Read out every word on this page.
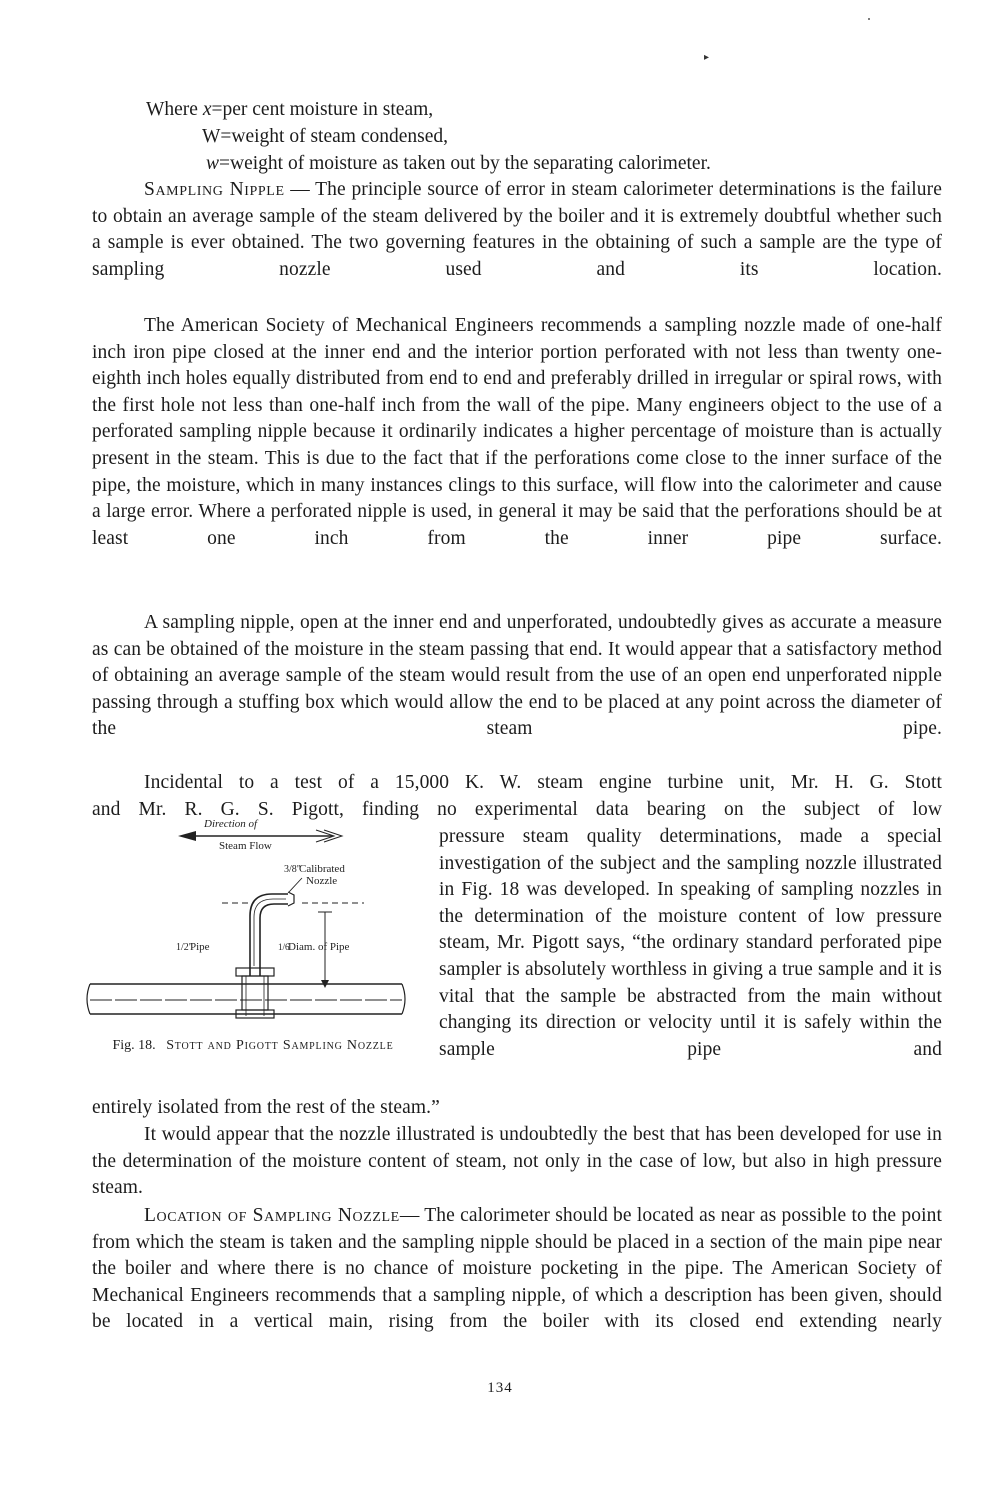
▸
Where x=per cent moisture in steam,
W=weight of steam condensed,
w=weight of moisture as taken out by the separating calorimeter.

Sampling Nipple — The principle source of error in steam calorimeter determinations is the failure to obtain an average sample of the steam delivered by the boiler and it is extremely doubtful whether such a sample is ever obtained. The two governing features in the obtaining of such a sample are the type of sampling nozzle used and its location.

The American Society of Mechanical Engineers recommends a sampling nozzle made of one-half inch iron pipe closed at the inner end and the interior portion perforated with not less than twenty one-eighth inch holes equally distributed from end to end and preferably drilled in irregular or spiral rows, with the first hole not less than one-half inch from the wall of the pipe. Many engineers object to the use of a perforated sampling nipple because it ordinarily indicates a higher percentage of moisture than is actually present in the steam. This is due to the fact that if the perforations come close to the inner surface of the pipe, the moisture, which in many instances clings to this surface, will flow into the calorimeter and cause a large error. Where a perforated nipple is used, in general it may be said that the perforations should be at least one inch from the inner pipe surface.

A sampling nipple, open at the inner end and unperforated, undoubtedly gives as accurate a measure as can be obtained of the moisture in the steam passing that end. It would appear that a satisfactory method of obtaining an average sample of the steam would result from the use of an open end unperforated nipple passing through a stuffing box which would allow the end to be placed at any point across the diameter of the steam pipe.

Incidental to a test of a 15,000 K. W. steam engine turbine unit, Mr. H. G. Stott

and Mr. R. G. S. Pigott, finding no experimental data bearing on the subject of low

pressure steam quality determinations, made a special investigation of the subject and the sampling nozzle illustrated in Fig. 18 was developed. In speaking of sampling nozzles in the determination of the moisture content of low pressure steam, Mr. Pigott says, “the ordinary standard perforated pipe sampler is absolutely worthless in giving a true sample and it is vital that the sample be abstracted from the main without changing its direction or velocity until it is safely within the sample pipe and

entirely isolated from the rest of the steam.”

It would appear that the nozzle illustrated is undoubtedly the best that has been developed for use in the determination of the moisture content of steam, not only in the case of low, but also in high pressure steam.

Location of Sampling Nozzle— The calorimeter should be located as near as possible to the point from which the steam is taken and the sampling nipple should be placed in a section of the main pipe near the boiler and where there is no chance of moisture pocketing in the pipe. The American Society of Mechanical Engineers recommends that a sampling nipple, of which a description has been given, should be located in a vertical main, rising from the boiler with its closed end extending nearly

Direction of
Steam Flow
3/8"
Calibrated
Nozzle
1/2"
Pipe	1/6
Diam. of Pipe
Fig. 18. Stott and Pigott Sampling Nozzle
134
